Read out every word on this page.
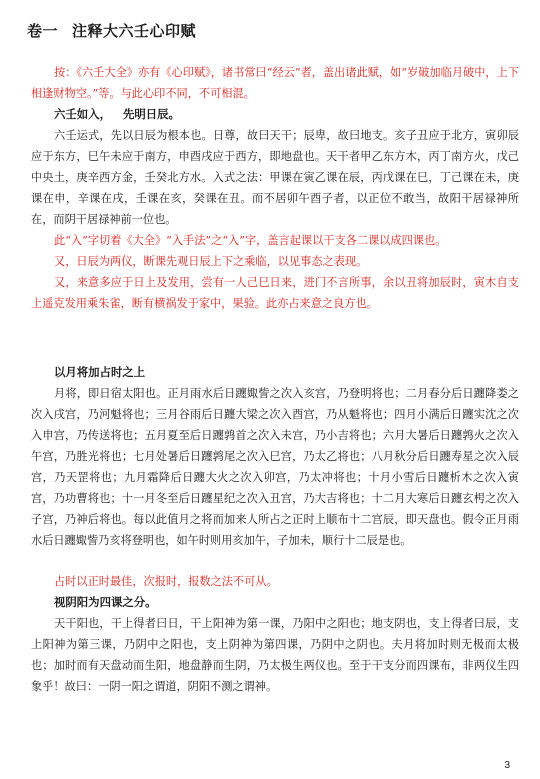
卷一 注释大六壬心印赋

按：《六壬大全》亦有《心印赋》，诸书常曰“经云”者，盖出诸此赋，如“岁破加临月破中，上下相逢财物空。”等。与此心印不同，不可相混。

六壬如入， 先明日辰。

六壬运式，先以日辰为根本也。日尊，故曰天干；辰卑，故曰地支。亥子丑应于北方，寅卯辰应于东方，巳午未应于南方，申酉戌应于西方，即地盘也。天干者甲乙东方木，丙丁南方火，戊己中央土，庚辛西方金，壬癸北方水。入式之法：甲课在寅乙课在辰，丙戊课在巳，丁己课在未，庚课在申，辛课在戌，壬课在亥，癸课在丑。而不居卯午酉子者，以正位不敢当，故阳干居禄神所在，而阴干居禄神前一位也。

此“入”字切着《大全》“入手法”之“入”字，盖言起课以干支各二课以成四课也。

又，日辰为两仪，断课先观日辰上下之乘临，以见事态之表现。

又，来意多应于日上及发用，尝有一人己巳日来，进门不言所事，余以丑将加辰时，寅木自支上遥克发用乘朱雀，断有横祸发于家中，果验。此亦占来意之良方也。

以月将加占时之上

月将，即日宿太阳也。正月雨水后日躔娵訾之次入亥宫，乃登明将也；二月春分后日躔降娄之次入戌宫，乃河魁将也；三月谷雨后日躔大梁之次入酉宫，乃从魁将也；四月小满后日躔实沈之次入申宫，乃传送将也；五月夏至后日躔鹑首之次入未宫，乃小吉将也；六月大暑后日躔鹑火之次入午宫，乃胜光将也；七月处暑后日躔鹑尾之次入巳宫，乃太乙将也；八月秋分后日躔寿星之次入辰宫，乃天罡将也；九月霜降后日躔大火之次入卯宫，乃太冲将也；十月小雪后日躔析木之次入寅宫，乃功曹将也；十一月冬至后日躔星纪之次入丑宫，乃大吉将也；十二月大寒后日躔玄枵之次入子宫，乃神后将也。每以此值月之将而加来人所占之正时上顺布十二宫辰，即天盘也。假令正月雨水后日躔娵訾乃亥将登明也，如午时则用亥加午，子加未，顺行十二辰是也。

占时以正时最佳，次报时，报数之法不可从。

视阴阳为四课之分。

天干阳也，干上得者曰日，干上阳神为第一课，乃阳中之阳也；地支阴也，支上得者曰辰，支上阳神为第三课，乃阴中之阳也，支上阴神为第四课，乃阴中之阴也。夫月将加时则无极而太极也；加时而有天盘动而生阳，地盘静而生阴，乃太极生两仪也。至于干支分而四课布，非两仪生四象乎！故曰：一阴一阳之谓道，阴阳不测之谓神。

3
